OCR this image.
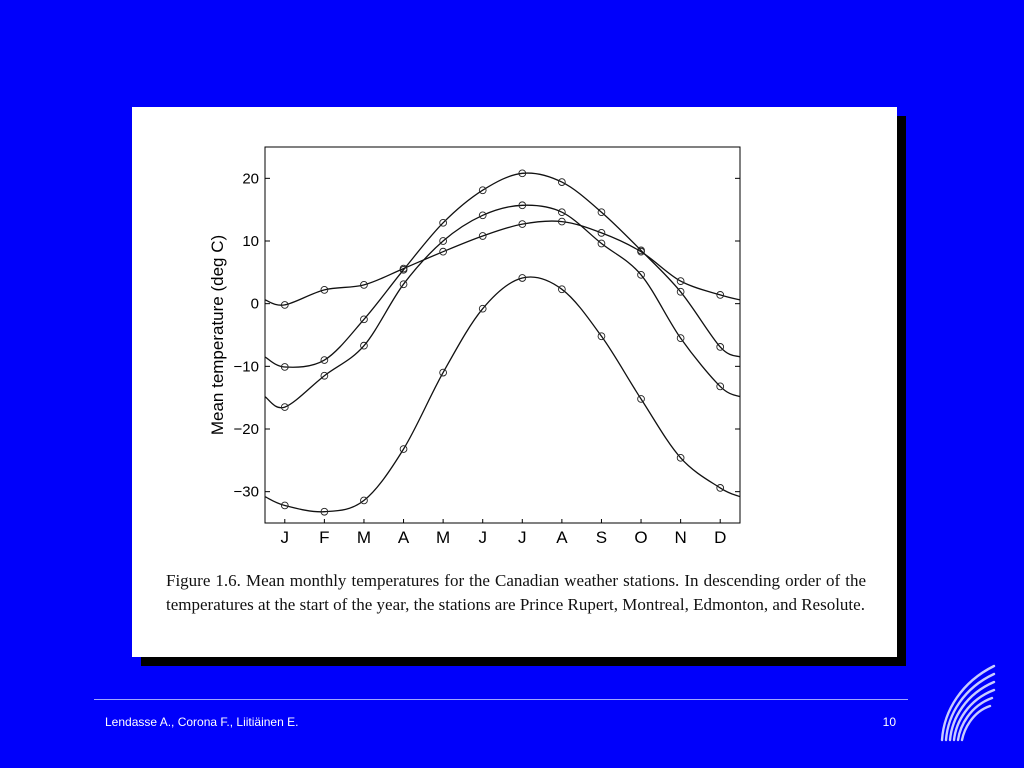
−30
−20
−10
0
10
20
J F M A M J J A S O N D
Mean temperature (deg C)

Figure 1.6. Mean monthly temperatures for the Canadian weather stations. In descending order of the temperatures at the start of the year, the stations are Prince Rupert, Montreal, Edmonton, and Resolute.

Lendasse A., Corona F., Liitiäinen E.	10
